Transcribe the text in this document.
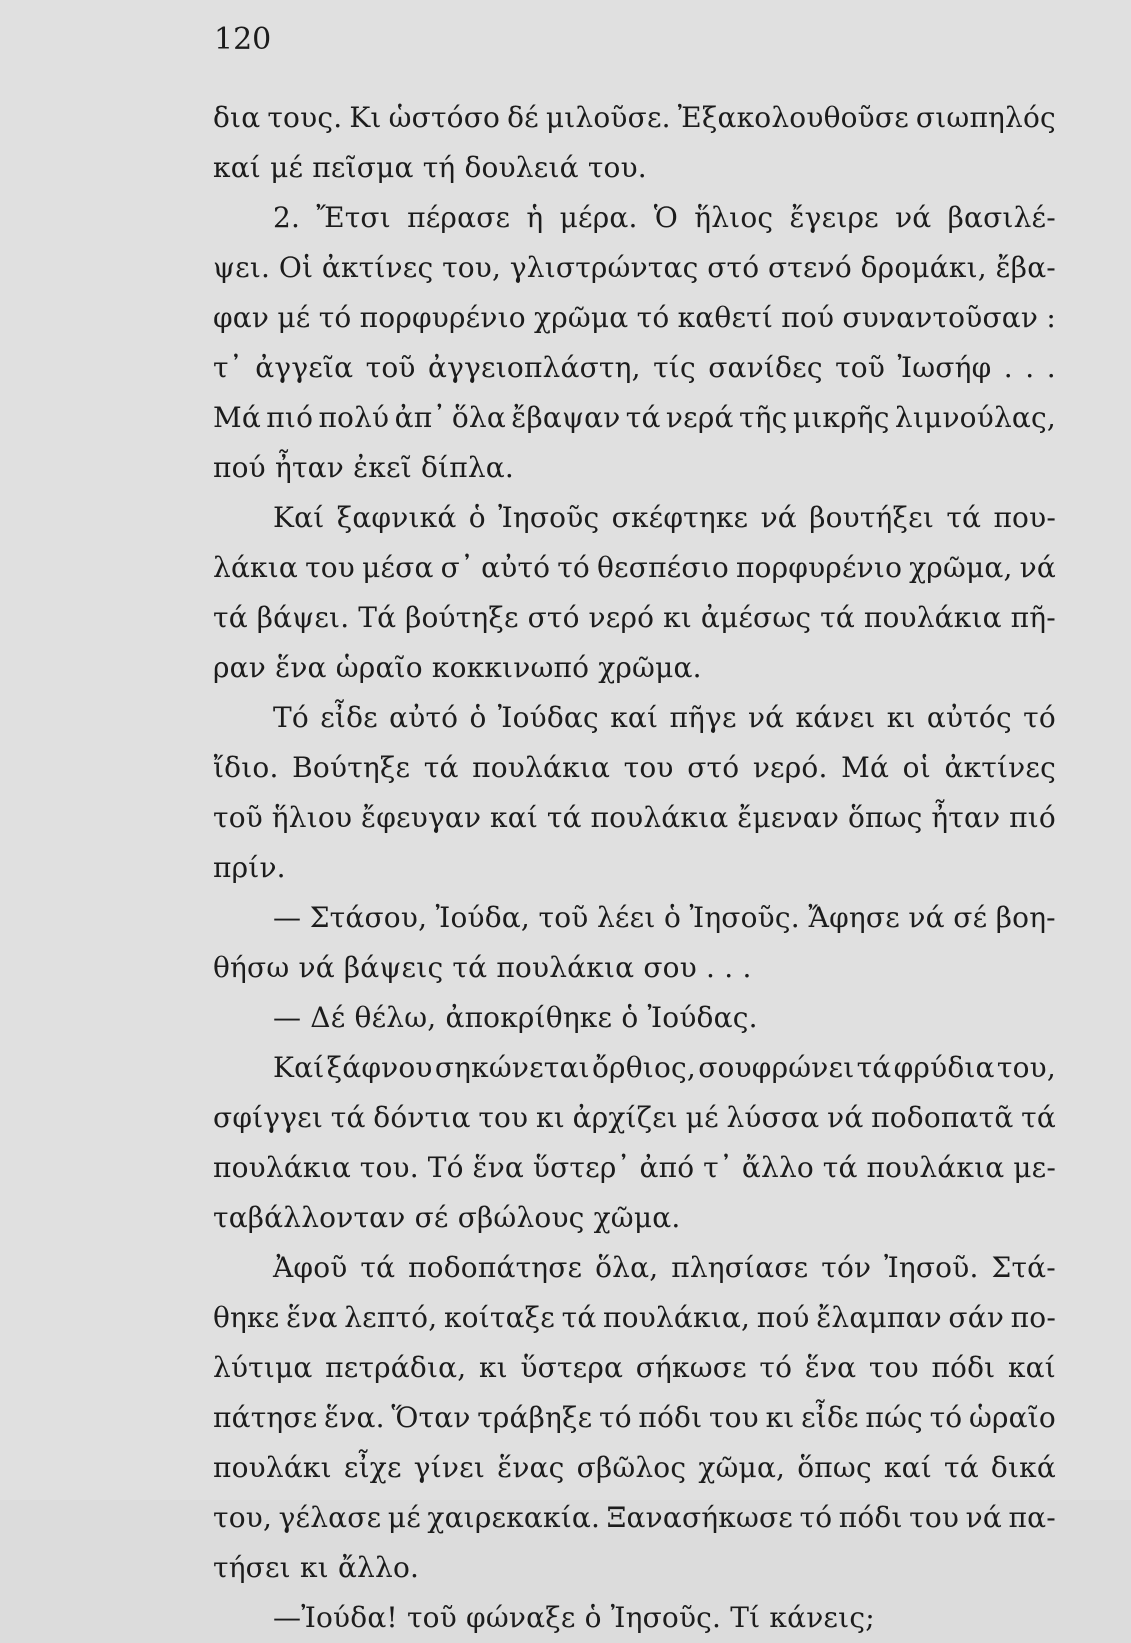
120
δια τους. Κι ὡστόσο δέ μιλοῦσε. Ἐξακολουθοῦσε σιωπηλός
καί μέ πεῖσμα τή δουλειά του.
2. Ἔτσι πέρασε ἡ μέρα. Ὁ ἥλιος ἔγειρε νά βασιλέ-
ψει. Οἱ ἀκτίνες του, γλιστρώντας στό στενό δρομάκι, ἔβα-
φαν μέ τό πορφυρένιο χρῶμα τό καθετί πού συναντοῦσαν :
τ᾽ ἀγγεῖα τοῦ ἀγγειοπλάστη, τίς σανίδες τοῦ Ἰωσήφ . . .
Μά πιό πολύ ἀπ᾽ ὅλα ἔβαψαν τά νερά τῆς μικρῆς λιμνούλας,
πού ἦταν ἐκεῖ δίπλα.
Καί ξαφνικά ὁ Ἰησοῦς σκέφτηκε νά βουτήξει τά που-
λάκια του μέσα σ᾽ αὐτό τό θεσπέσιο πορφυρένιο χρῶμα, νά
τά βάψει. Τά βούτηξε στό νερό κι ἀμέσως τά πουλάκια πῆ-
ραν ἕνα ὡραῖο κοκκινωπό χρῶμα.
Τό εἶδε αὐτό ὁ Ἰούδας καί πῆγε νά κάνει κι αὐτός τό
ἴδιο. Βούτηξε τά πουλάκια του στό νερό. Μά οἱ ἀκτίνες
τοῦ ἥλιου ἔφευγαν καί τά πουλάκια ἔμεναν ὅπως ἦταν πιό
πρίν.
— Στάσου, Ἰούδα, τοῦ λέει ὁ Ἰησοῦς. Ἄφησε νά σέ βοη-
θήσω νά βάψεις τά πουλάκια σου . . .
— Δέ θέλω, ἀποκρίθηκε ὁ Ἰούδας.
Καί ξάφνου σηκώνεται ὄρθιος, σουφρώνει τά φρύδια του,
σφίγγει τά δόντια του κι ἀρχίζει μέ λύσσα νά ποδοπατᾶ τά
πουλάκια του. Τό ἕνα ὕστερ᾽ ἀπό τ᾽ ἄλλο τά πουλάκια με-
ταβάλλονταν σέ σβώλους χῶμα.
Ἀφοῦ τά ποδοπάτησε ὅλα, πλησίασε τόν Ἰησοῦ. Στά-
θηκε ἕνα λεπτό, κοίταξε τά πουλάκια, πού ἔλαμπαν σάν πο-
λύτιμα πετράδια, κι ὕστερα σήκωσε τό ἕνα του πόδι καί
πάτησε ἕνα. Ὅταν τράβηξε τό πόδι του κι εἶδε πώς τό ὡραῖο
πουλάκι εἶχε γίνει ἕνας σβῶλος χῶμα, ὅπως καί τά δικά
του, γέλασε μέ χαιρεκακία. Ξανασήκωσε τό πόδι του νά πα-
τήσει κι ἄλλο.
—Ἰούδα! τοῦ φώναξε ὁ Ἰησοῦς. Τί κάνεις;
